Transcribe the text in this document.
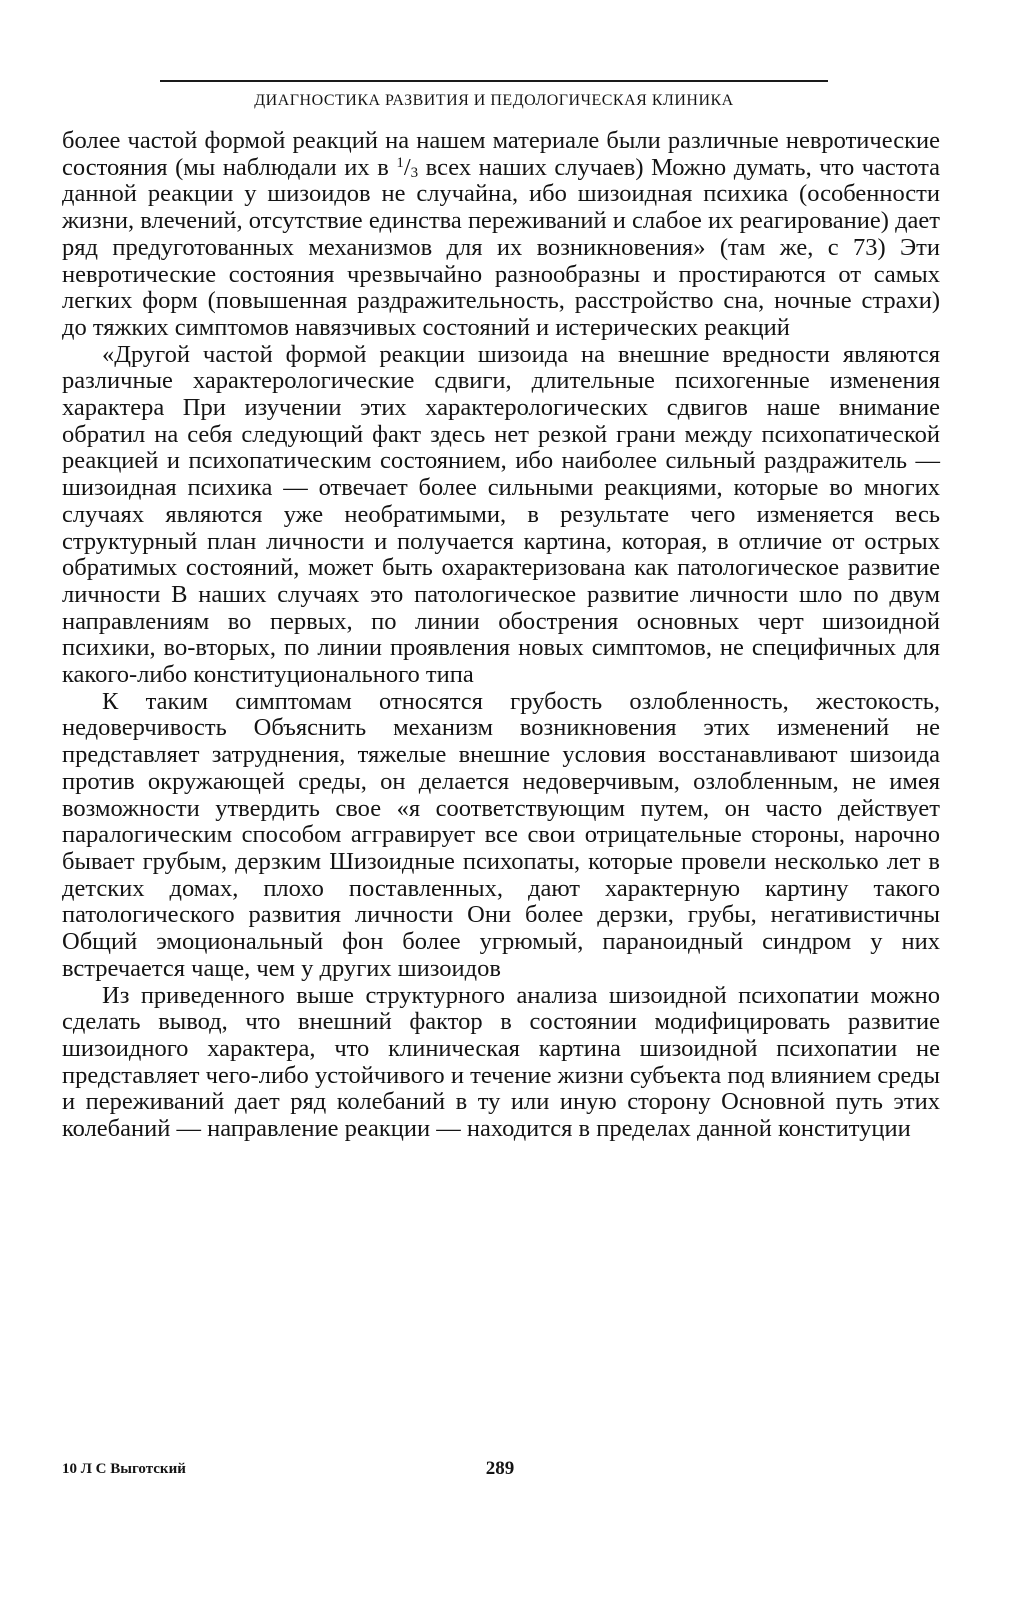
ДИАГНОСТИКА РАЗВИТИЯ И ПЕДОЛОГИЧЕСКАЯ КЛИНИКА

более частой формой реакций на нашем материале были различные невротические состояния (мы наблюдали их в $^1/_3$ всех наших случаев) Можно думать, что частота данной реакции у шизоидов не случайна, ибо шизоидная психика (особенности жизни, влечений, отсутствие единства переживаний и слабое их реагирование) дает ряд предуготованных механизмов для их возникновения» (там же, с 73) Эти невротические состояния чрезвычайно разнообразны и простираются от самых легких форм (повышенная раздражительность, расстройство сна, ночные страхи) до тяжких симптомов навязчивых состояний и истерических реакций

«Другой частой формой реакции шизоида на внешние вредности являются различные характерологические сдвиги, длительные психогенные изменения характера При изучении этих характерологических сдвигов наше внимание обратил на себя следующий факт здесь нет резкой грани между психопатической реакцией и психопатическим состоянием, ибо наиболее сильный раздражитель — шизоидная психика — отвечает более сильными реакциями, которые во многих случаях являются уже необратимыми, в результате чего изменяется весь структурный план личности и получается картина, которая, в отличие от острых обратимых состояний, может быть охарактеризована как патологическое развитие личности В наших случаях это патологическое развитие личности шло по двум направлениям во первых, по линии обострения основных черт шизоидной психики, во-вторых, по линии проявления новых симптомов, не специфичных для какого-либо конституционального типа

К таким симптомам относятся грубость озлобленность, жестокость, недоверчивость Объяснить механизм возникновения этих изменений не представляет затруднения, тяжелые внешние условия восстанавливают шизоида против окружающей среды, он делается недоверчивым, озлобленным, не имея возможности утвердить свое «я соответствующим путем, он часто действует паралогическим способом аггравирует все свои отрицательные стороны, нарочно бывает грубым, дерзким Шизоидные психопаты, которые провели несколько лет в детских домах, плохо поставленных, дают характерную картину такого патологического развития личности Они более дерзки, грубы, негативистичны Общий эмоциональный фон более угрюмый, параноидный синдром у них встречается чаще, чем у других шизоидов

Из приведенного выше структурного анализа шизоидной психопатии можно сделать вывод, что внешний фактор в состоянии модифицировать развитие шизоидного характера, что клиническая картина шизоидной психопатии не представляет чего-либо устойчивого и течение жизни субъекта под влиянием среды и переживаний дает ряд колебаний в ту или иную сторону Основной путь этих колебаний — направление реакции — находится в пределах данной конституции

10 Л С Выготский	289
